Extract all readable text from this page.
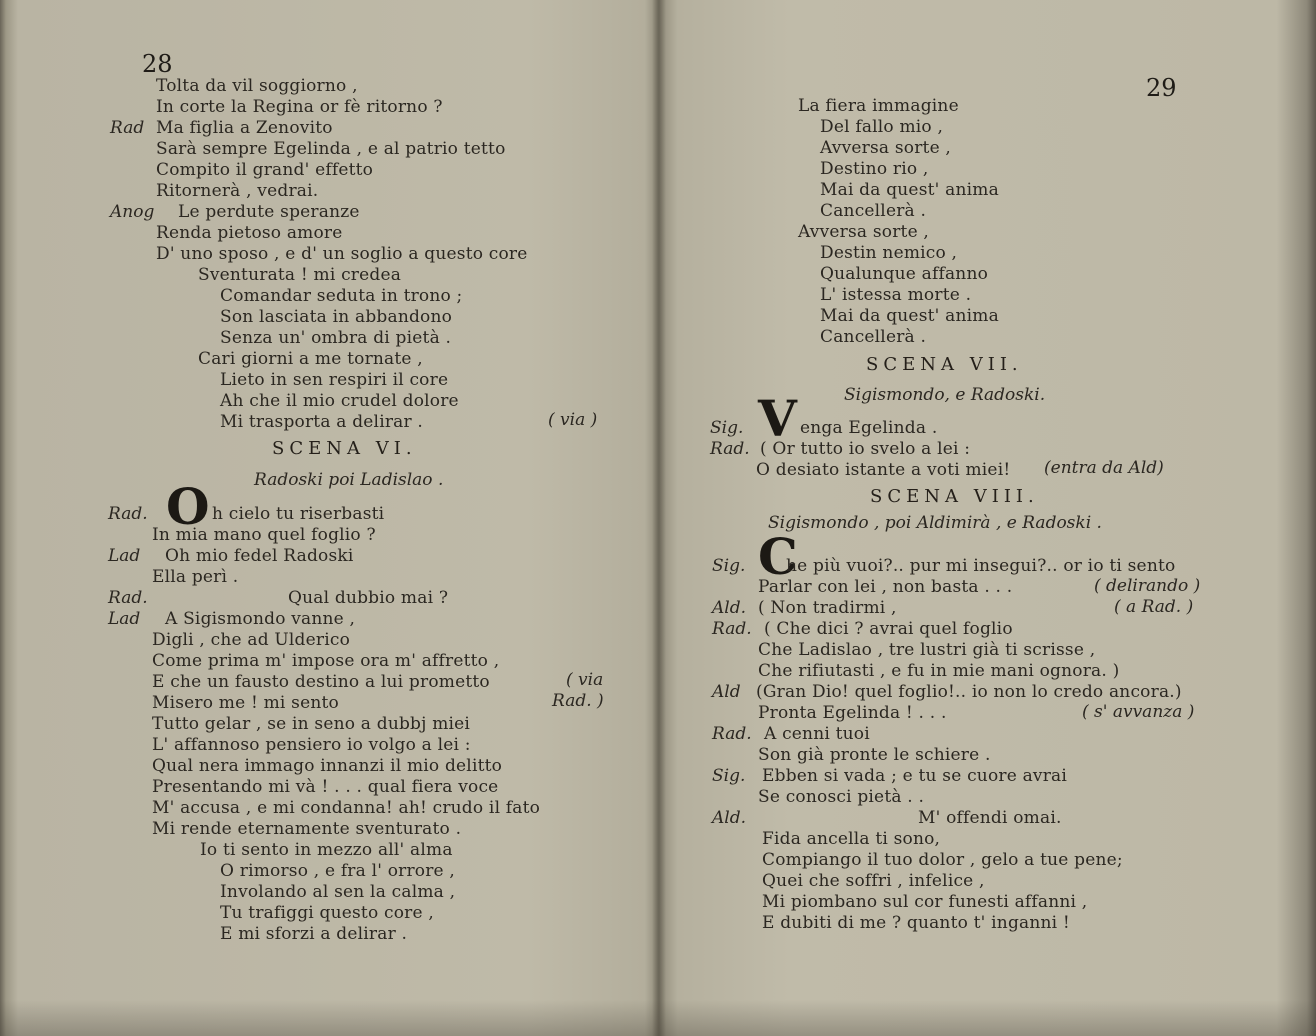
28
Tolta da vil soggiorno ,
In corte la Regina or fè ritorno ?
Ma figlia a Zenovito
Rad
Sarà sempre Egelinda , e al patrio tetto
Compito il grand' effetto
Ritornerà , vedrai.
Le perdute speranze
Anog
Renda pietoso amore
D' uno sposo , e d' un soglio a questo core
Sventurata ! mi credea
Comandar seduta in trono ;
Son lasciata in abbandono
Senza un' ombra di pietà .
Cari giorni a me tornate ,
Lieto in sen respiri il core
Ah che il mio crudel dolore
Mi trasporta a delirar .	( via )
SCENA VI.
Radoski poi Ladislao .
O h cielo tu riserbasti
Rad.
In mia mano quel foglio ?
Oh mio fedel Radoski
Lad
Ella perì .
Qual dubbio mai ?
Rad.
A Sigismondo vanne ,
Lad
Digli , che ad Ulderico
Come prima m' impose ora m' affretto ,
E che un fausto destino a lui prometto
Misero me ! mi sento
Tutto gelar , se in seno a dubbj miei
L' affannoso pensiero io volgo a lei :
Qual nera immago innanzi il mio delitto
Presentando mi và ! . . . qual fiera voce
M' accusa , e mi condanna! ah! crudo il fato
Mi rende eternamente sventurato .
Io ti sento in mezzo all' alma
O rimorso , e fra l' orrore ,
Involando al sen la calma ,
Tu trafiggi questo core ,
E mi sforzi a delirar .
( via
Rad. )
29
La fiera immagine
Del fallo mio ,
Avversa sorte ,
Destino rio ,
Mai da quest' anima
Cancellerà .
Avversa sorte ,
Destin nemico ,
Qualunque affanno
L' istessa morte .
Mai da quest' anima
Cancellerà .
SCENA VII.
Sigismondo, e Radoski.
V enga Egelinda .
Sig.
( Or tutto io svelo a lei :
Rad.
O desiato istante a voti miei! (entra da Ald)
SCENA VIII.
Sigismondo , poi Aldimirà , e Radoski .
C
he più vuoi?.. pur mi insegui?.. or io ti sento
Sig.
Parlar con lei , non basta . . .
( Non tradirmi ,
Ald.
( Che dici ? avrai quel foglio
Rad.
Che Ladislao , tre lustri già ti scrisse ,
Che rifiutasti , e fu in mie mani ognora. )
(Gran Dio! quel foglio!.. io non lo credo ancora.)
Ald
Pronta Egelinda ! . . .
A cenni tuoi
Rad.
Son già pronte le schiere .
Ebben si vada ; e tu se cuore avrai
Sig.
Se conosci pietà . .
M' offendi omai.
Ald.
Fida ancella ti sono,
Compiango il tuo dolor , gelo a tue pene;
Quei che soffri , infelice ,
Mi piombano sul cor funesti affanni ,
E dubiti di me ? quanto t' inganni !
( delirando )
( a Rad. )
( s' avvanza )
